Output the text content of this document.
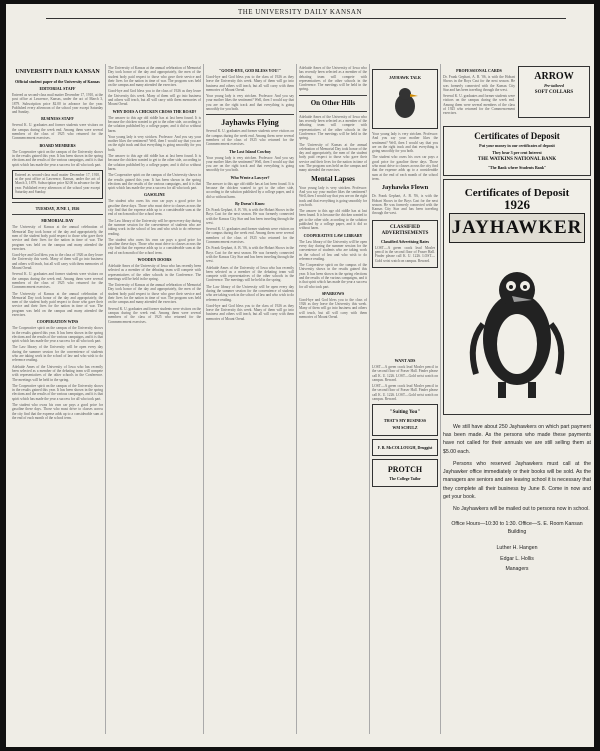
THE UNIVERSITY DAILY KANSAN
UNIVERSITY DAILY KANSAN
Official student paper of the University of Kansas
EDITORIAL STAFF

Entered as second-class mail matter December 17, 1910, at the post office at Lawrence, Kansas, under the act of March 3, 1879. Subscription price $2.00 in advance for the year. Published every afternoon of the school year except Saturday and Sunday.

BUSINESS STAFF

Several K. U. graduates and former students were visitors on the campus during the week end. Among them were several members of the class of 1925 who returned for the Commencement exercises.

BOARD MEMBERS

The Cooperative spirit on the campus of the University shows in the results gained this year. It has been shown in the spring elections and the results of the various campaigns, and it is that spirit which has made the year a success for all who took part.

Entered as second-class mail matter December 17, 1910, at the post office at Lawrence, Kansas, under the act of March 3, 1879. Subscription price $2.00 in advance for the year. Published every afternoon of the school year except Saturday and Sunday.

TUESDAY, JUNE 1, 1926
MEMORIAL DAY

The University of Kansas at the annual celebration of Memorial Day took honor of the day and appropriately, the men of the student body paid respect to those who gave their service and their lives for the nation in time of war. The program was held on the campus and many attended the exercises.

Good-bye and God bless you to the class of 1926 as they leave the University this week. Many of them will go into business and others will teach, but all will carry with them memories of Mount Oread.

Several K. U. graduates and former students were visitors on the campus during the week end. Among them were several members of the class of 1925 who returned for the Commencement exercises.

The University of Kansas at the annual celebration of Memorial Day took honor of the day and appropriately, the men of the student body paid respect to those who gave their service and their lives for the nation in time of war. The program was held on the campus and many attended the exercises.

COOPERATION WINS

The Cooperative spirit on the campus of the University shows in the results gained this year. It has been shown in the spring elections and the results of the various campaigns, and it is that spirit which has made the year a success for all who took part.

The Law library of the University will be open every day during the summer session for the convenience of students who are taking work in the school of law and who wish to do reference reading.

Adelaide Ames of the University of Iowa who has recently been selected as a member of the debating team will compete with representatives of the other schools in the Conference. The meetings will be held in the spring.

The Cooperative spirit on the campus of the University shows in the results gained this year. It has been shown in the spring elections and the results of the various campaigns, and it is that spirit which has made the year a success for all who took part.

The student who owns his own car pays a good price for gasoline these days. Those who must drive to classes across the city find that the expense adds up to a considerable sum at the end of each month of the school term.

The University of Kansas at the annual celebration of Memorial Day took honor of the day and appropriately, the men of the student body paid respect to those who gave their service and their lives for the nation in time of war. The program was held on the campus and many attended the exercises.

Good-bye and God bless you to the class of 1926 as they leave the University this week. Many of them will go into business and others will teach, but all will carry with them memories of Mount Oread.

WHY DOES A CHICKEN CROSS THE ROAD?

The answer to this age old riddle has at last been found. It is because the chicken wanted to get to the other side, according to the solution published by a college paper, and it did so without harm.

Your young lady is very stricken. Professor: And you say your mother likes the sentiment? Well, then I would say that you are on the right track and that everything is going smoothly for you both.

The answer to this age old riddle has at last been found. It is because the chicken wanted to get to the other side, according to the solution published by a college paper, and it did so without harm.

The Cooperative spirit on the campus of the University shows in the results gained this year. It has been shown in the spring elections and the results of the various campaigns, and it is that spirit which has made the year a success for all who took part.

GASOLINE

The student who owns his own car pays a good price for gasoline these days. Those who must drive to classes across the city find that the expense adds up to a considerable sum at the end of each month of the school term.

The Law library of the University will be open every day during the summer session for the convenience of students who are taking work in the school of law and who wish to do reference reading.

The student who owns his own car pays a good price for gasoline these days. Those who must drive to classes across the city find that the expense adds up to a considerable sum at the end of each month of the school term.

WOODEN DOORS

Adelaide Ames of the University of Iowa who has recently been selected as a member of the debating team will compete with representatives of the other schools in the Conference. The meetings will be held in the spring.

The University of Kansas at the annual celebration of Memorial Day took honor of the day and appropriately, the men of the student body paid respect to those who gave their service and their lives for the nation in time of war. The program was held on the campus and many attended the exercises.

Several K. U. graduates and former students were visitors on the campus during the week end. Among them were several members of the class of 1925 who returned for the Commencement exercises.

"GOOD-BYE, GOD BLESS YOU!"

Good-bye and God bless you to the class of 1926 as they leave the University this week. Many of them will go into business and others will teach, but all will carry with them memories of Mount Oread.

Your young lady is very stricken. Professor: And you say your mother likes the sentiment? Well, then I would say that you are on the right track and that everything is going smoothly for you both.

Jayhawks Flying

Several K. U. graduates and former students were visitors on the campus during the week end. Among them were several members of the class of 1925 who returned for the Commencement exercises.

The Lost Island Cowboy

Your young lady is very stricken. Professor: And you say your mother likes the sentiment? Well, then I would say that you are on the right track and that everything is going smoothly for you both.

Who Wrote a Lawyer?

The answer to this age old riddle has at last been found. It is because the chicken wanted to get to the other side, according to the solution published by a college paper, and it did so without harm.

By Doesn't Know

Dr. Frank Gephart, A. B. '06, is with the Hobart Shows in the Boys Cast for the next season. He was formerly connected with the Kansas City Star and has been traveling through the west.

Several K. U. graduates and former students were visitors on the campus during the week end. Among them were several members of the class of 1925 who returned for the Commencement exercises.

Dr. Frank Gephart, A. B. '06, is with the Hobart Shows in the Boys Cast for the next season. He was formerly connected with the Kansas City Star and has been traveling through the west.

Adelaide Ames of the University of Iowa who has recently been selected as a member of the debating team will compete with representatives of the other schools in the Conference. The meetings will be held in the spring.

The Law library of the University will be open every day during the summer session for the convenience of students who are taking work in the school of law and who wish to do reference reading.

Good-bye and God bless you to the class of 1926 as they leave the University this week. Many of them will go into business and others will teach, but all will carry with them memories of Mount Oread.

Adelaide Ames of the University of Iowa who has recently been selected as a member of the debating team will compete with representatives of the other schools in the Conference. The meetings will be held in the spring.

On Other Hills

Adelaide Ames of the University of Iowa who has recently been selected as a member of the debating team will compete with representatives of the other schools in the Conference. The meetings will be held in the spring.

The University of Kansas at the annual celebration of Memorial Day took honor of the day and appropriately, the men of the student body paid respect to those who gave their service and their lives for the nation in time of war. The program was held on the campus and many attended the exercises.

Mental Lapses

Your young lady is very stricken. Professor: And you say your mother likes the sentiment? Well, then I would say that you are on the right track and that everything is going smoothly for you both.

The answer to this age old riddle has at last been found. It is because the chicken wanted to get to the other side, according to the solution published by a college paper, and it did so without harm.

COOPERATIVE LAW LIBRARY

The Law library of the University will be open every day during the summer session for the convenience of students who are taking work in the school of law and who wish to do reference reading.

The Cooperative spirit on the campus of the University shows in the results gained this year. It has been shown in the spring elections and the results of the various campaigns, and it is that spirit which has made the year a success for all who took part.

SPARROWS

Good-bye and God bless you to the class of 1926 as they leave the University this week. Many of them will go into business and others will teach, but all will carry with them memories of Mount Oread.

JAYHAWK TALK

Your young lady is very stricken. Professor: And you say your mother likes the sentiment? Well, then I would say that you are on the right track and that everything is going smoothly for you both.

The student who owns his own car pays a good price for gasoline these days. Those who must drive to classes across the city find that the expense adds up to a considerable sum at the end of each month of the school term.

Jayhawks Flown

Dr. Frank Gephart, A. B. '06, is with the Hobart Shows in the Boys Cast for the next season. He was formerly connected with the Kansas City Star and has been traveling through the west.

CLASSIFIED ADVERTISEMENTS
Classified Advertising Rates

LOST—A green crack lead Mosler pencil in the second floor of Fraser Hall. Finder please call K. U. 1226. LOST—Gold wrist watch on campus. Reward.

WANT ADS

LOST—A green crack lead Mosler pencil in the second floor of Fraser Hall. Finder please call K. U. 1226. LOST—Gold wrist watch on campus. Reward.

LOST—A green crack lead Mosler pencil in the second floor of Fraser Hall. Finder please call K. U. 1226. LOST—Gold wrist watch on campus. Reward.

"Suiting You"
THAT'S MY BUSINESS
WM SCHULZ
F. B. McCOLLOUGH, Druggist
PROTCH
The College Tailor
PROFESSIONAL CARDS

Dr. Frank Gephart, A. B. '06, is with the Hobart Shows in the Boys Cast for the next season. He was formerly connected with the Kansas City Star and has been traveling through the west.

Several K. U. graduates and former students were visitors on the campus during the week end. Among them were several members of the class of 1925 who returned for the Commencement exercises.

ARROW
Pre-tailored
SOFT COLLARS
Certificates of Deposit
Put your money in our certificates of deposit
They bear 3 per cent Interest
THE WATKINS NATIONAL BANK
"The Bank where Students Bank"
Certificates of Deposit
1926
JAYHAWKER

We still have about 250 Jayhawkers on which part payment has been made. As the persons who made these payments have not called for their annuals we are still selling them at $5.00 each.

Persons who reserved Jayhawkers must call at the Jayhawker office immediately or their books will be sold. As the managers are seniors and are leaving school it is necessary that they complete all their business by June 8. Come in now and get your book.

No Jayhawkers will be mailed out to persons now in school.

Office Hours—10:30 to 1:30. Office—S. E. Room Kansan Building

Luther H. Hangen

Edgar L. Hollis

Managers
